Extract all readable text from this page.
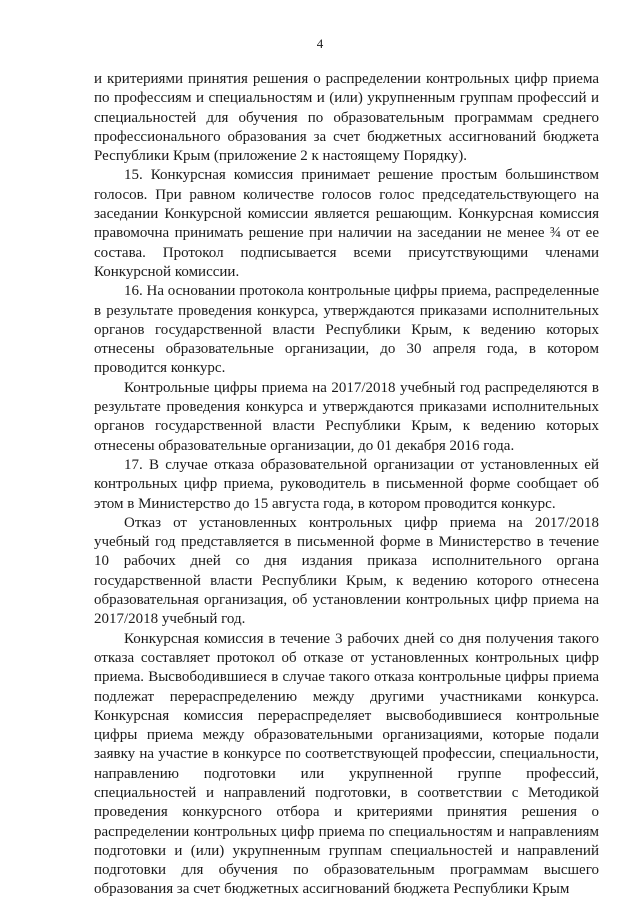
4

и критериями принятия решения о распределении контрольных цифр приема по профессиям и специальностям и (или) укрупненным группам профессий и специальностей для обучения по образовательным программам среднего профессионального образования за счет бюджетных ассигнований бюджета Республики Крым (приложение 2 к настоящему Порядку).

15. Конкурсная комиссия принимает решение простым большинством голосов. При равном количестве голосов голос председательствующего на заседании Конкурсной комиссии является решающим. Конкурсная комиссия правомочна принимать решение при наличии на заседании не менее ¾ от ее состава. Протокол подписывается всеми присутствующими членами Конкурсной комиссии.

16. На основании протокола контрольные цифры приема, распределенные в результате проведения конкурса, утверждаются приказами исполнительных органов государственной власти Республики Крым, к ведению которых отнесены образовательные организации, до 30 апреля года, в котором проводится конкурс.

Контрольные цифры приема на 2017/2018 учебный год распределяются в результате проведения конкурса и утверждаются приказами исполнительных органов государственной власти Республики Крым, к ведению которых отнесены образовательные организации, до 01 декабря 2016 года.

17. В случае отказа образовательной организации от установленных ей контрольных цифр приема, руководитель в письменной форме сообщает об этом в Министерство до 15 августа года, в котором проводится конкурс.

Отказ от установленных контрольных цифр приема на 2017/2018 учебный год представляется в письменной форме в Министерство в течение 10 рабочих дней со дня издания приказа исполнительного органа государственной власти Республики Крым, к ведению которого отнесена образовательная организация, об установлении контрольных цифр приема на 2017/2018 учебный год.

Конкурсная комиссия в течение 3 рабочих дней со дня получения такого отказа составляет протокол об отказе от установленных контрольных цифр приема. Высвободившиеся в случае такого отказа контрольные цифры приема подлежат перераспределению между другими участниками конкурса. Конкурсная комиссия перераспределяет высвободившиеся контрольные цифры приема между образовательными организациями, которые подали заявку на участие в конкурсе по соответствующей профессии, специальности, направлению подготовки или укрупненной группе профессий, специальностей и направлений подготовки, в соответствии с Методикой проведения конкурсного отбора и критериями принятия решения о распределении контрольных цифр приема по специальностям и направлениям подготовки и (или) укрупненным группам специальностей и направлений подготовки для обучения по образовательным программам высшего образования за счет бюджетных ассигнований бюджета Республики Крым
